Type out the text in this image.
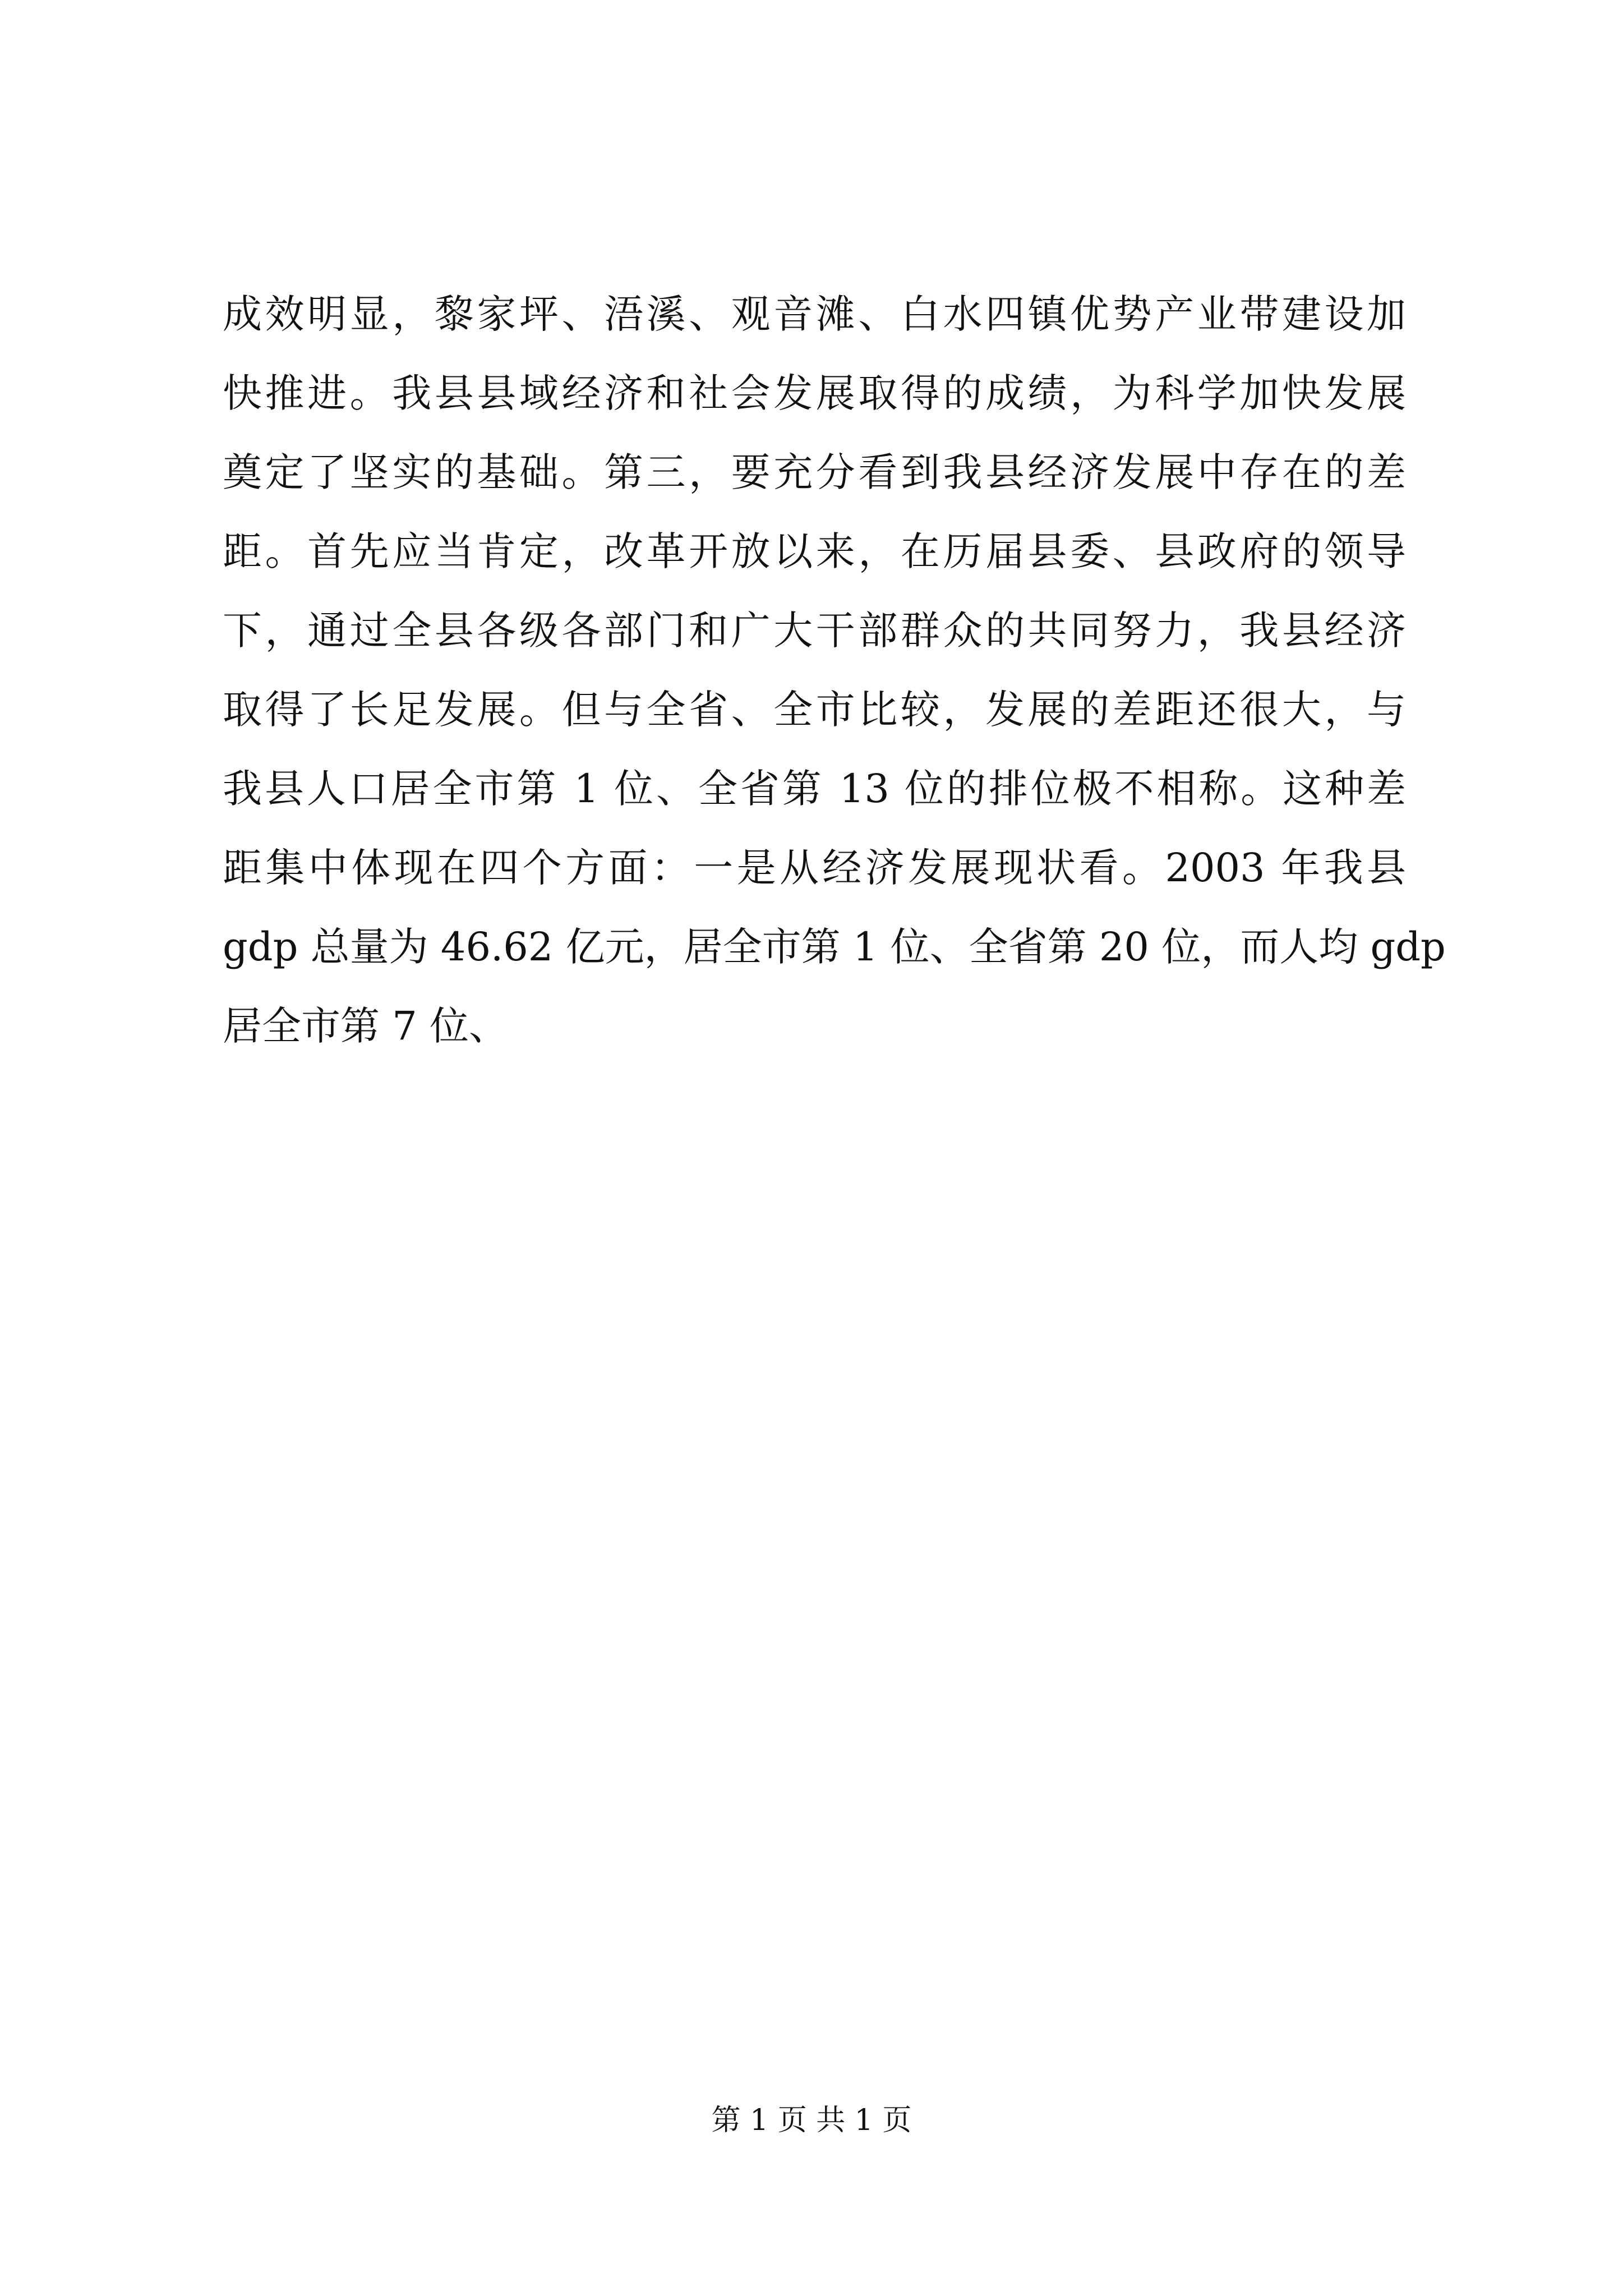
成效明显，黎家坪、浯溪、观音滩、白水四镇优势产业带建设加
快推进。我县县域经济和社会发展取得的成绩，为科学加快发展
奠定了坚实的基础。第三，要充分看到我县经济发展中存在的差
距。首先应当肯定，改革开放以来，在历届县委、县政府的领导
下，通过全县各级各部门和广大干部群众的共同努力，我县经济
取得了长足发展。但与全省、全市比较，发展的差距还很大，与
我县人口居全市第 1 位、全省第 13 位的排位极不相称。这种差
距集中体现在四个方面：一是从经济发展现状看。2003 年我县
gdp 总量为 46.62 亿元，居全市第 1 位、全省第 20 位，而人均 gdp
居全市第 7 位、
第 1 页 共 1 页
